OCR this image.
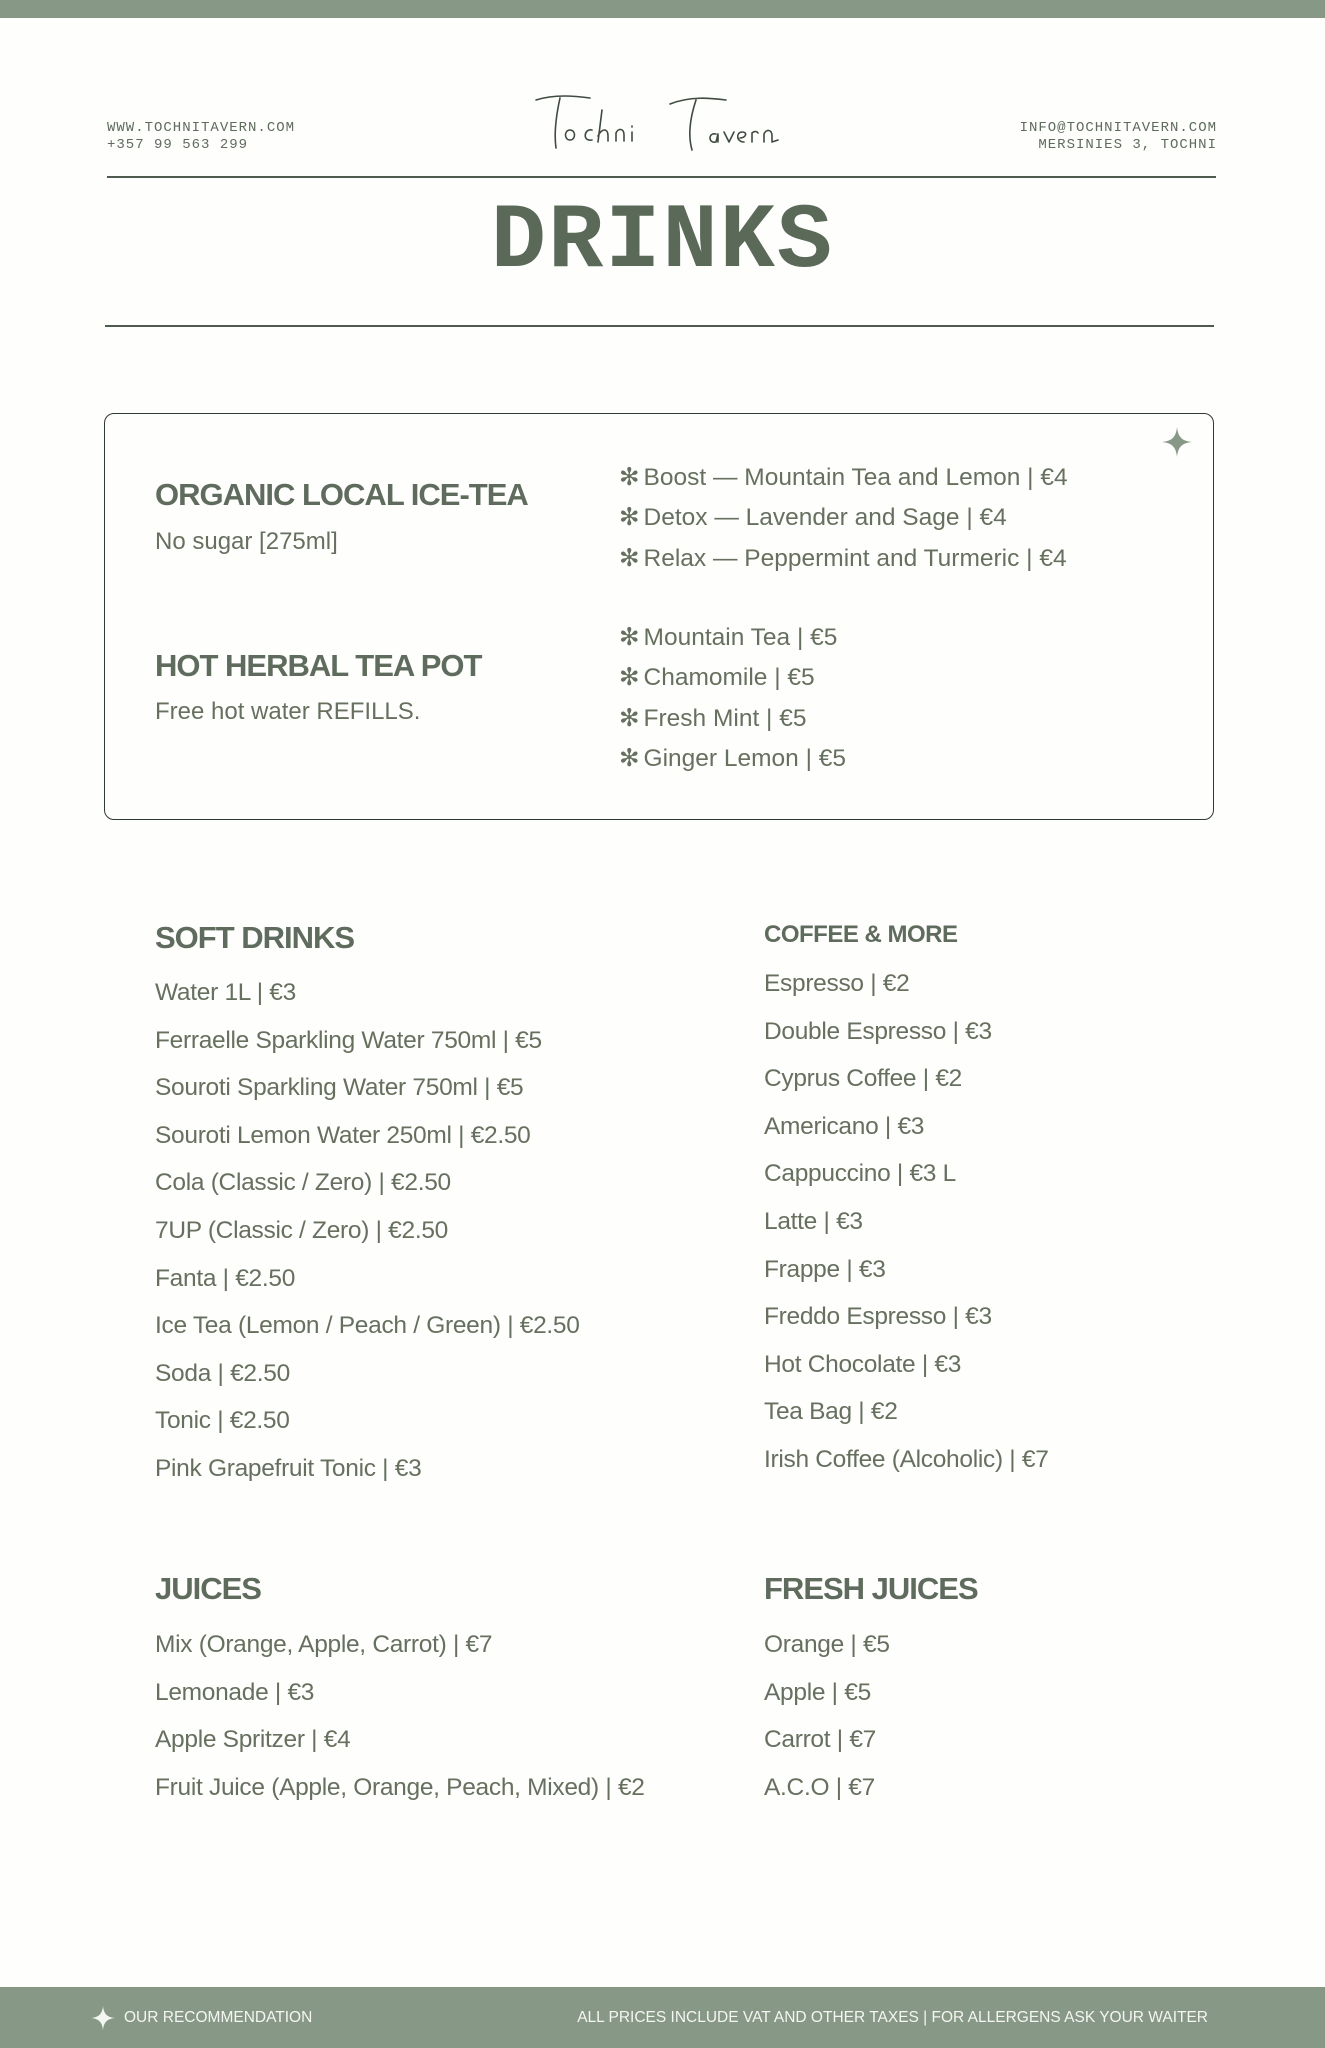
WWW.TOCHNITAVERN.COM
+357 99 563 299
INFO@TOCHNITAVERN.COM
MERSINIES 3, TOCHNI
DRINKS
ORGANIC LOCAL ICE-TEA
No sugar [275ml]
✻ Boost — Mountain Tea and Lemon | €4
✻ Detox — Lavender and Sage | €4
✻ Relax — Peppermint and Turmeric | €4
HOT HERBAL TEA POT
Free hot water REFILLS.
✻ Mountain Tea | €5
✻ Chamomile | €5
✻ Fresh Mint | €5
✻ Ginger Lemon | €5
SOFT DRINKS
Water 1L | €3
Ferraelle Sparkling Water 750ml | €5
Souroti Sparkling Water 750ml | €5
Souroti Lemon Water 250ml | €2.50
Cola (Classic / Zero) | €2.50
7UP (Classic / Zero) | €2.50
Fanta | €2.50
Ice Tea (Lemon / Peach / Green) | €2.50
Soda | €2.50
Tonic | €2.50
Pink Grapefruit Tonic | €3
COFFEE & MORE
Espresso | €2
Double Espresso | €3
Cyprus Coffee | €2
Americano | €3
Cappuccino | €3 L
Latte | €3
Frappe | €3
Freddo Espresso | €3
Hot Chocolate | €3
Tea Bag | €2
Irish Coffee (Alcoholic) | €7
JUICES
Mix (Orange, Apple, Carrot) | €7
Lemonade | €3
Apple Spritzer | €4
Fruit Juice (Apple, Orange, Peach, Mixed) | €2
FRESH JUICES
Orange | €5
Apple | €5
Carrot | €7
A.C.O | €7
OUR RECOMMENDATION	ALL PRICES INCLUDE VAT AND OTHER TAXES | FOR ALLERGENS ASK YOUR WAITER
